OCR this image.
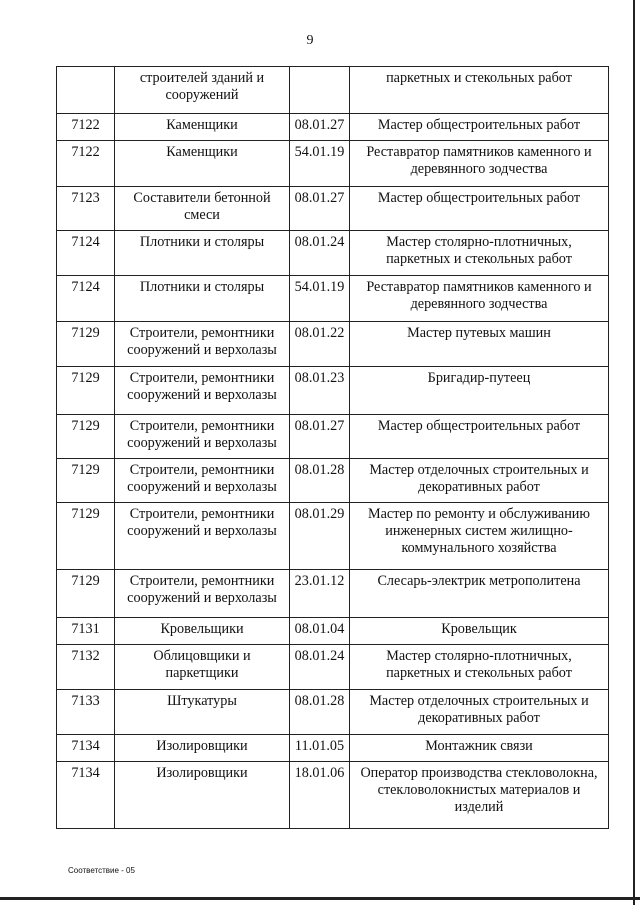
9
	строителей зданий и сооружений		паркетных и стекольных работ
7122	Каменщики	08.01.27	Мастер общестроительных работ
7122	Каменщики	54.01.19	Реставратор памятников каменного и деревянного зодчества
7123	Составители бетонной смеси	08.01.27	Мастер общестроительных работ
7124	Плотники и столяры	08.01.24	Мастер столярно-плотничных, паркетных и стекольных работ
7124	Плотники и столяры	54.01.19	Реставратор памятников каменного и деревянного зодчества
7129	Строители, ремонтники сооружений и верхолазы	08.01.22	Мастер путевых машин
7129	Строители, ремонтники сооружений и верхолазы	08.01.23	Бригадир-путеец
7129	Строители, ремонтники сооружений и верхолазы	08.01.27	Мастер общестроительных работ
7129	Строители, ремонтники сооружений и верхолазы	08.01.28	Мастер отделочных строительных и декоративных работ
7129	Строители, ремонтники сооружений и верхолазы	08.01.29	Мастер по ремонту и обслуживанию инженерных систем жилищно-коммунального хозяйства
7129	Строители, ремонтники сооружений и верхолазы	23.01.12	Слесарь-электрик метрополитена
7131	Кровельщики	08.01.04	Кровельщик
7132	Облицовщики и паркетщики	08.01.24	Мастер столярно-плотничных, паркетных и стекольных работ
7133	Штукатуры	08.01.28	Мастер отделочных строительных и декоративных работ
7134	Изолировщики	11.01.05	Монтажник связи
7134	Изолировщики	18.01.06	Оператор производства стекловолокна, стекловолокнистых материалов и изделий
Соответствие - 05
